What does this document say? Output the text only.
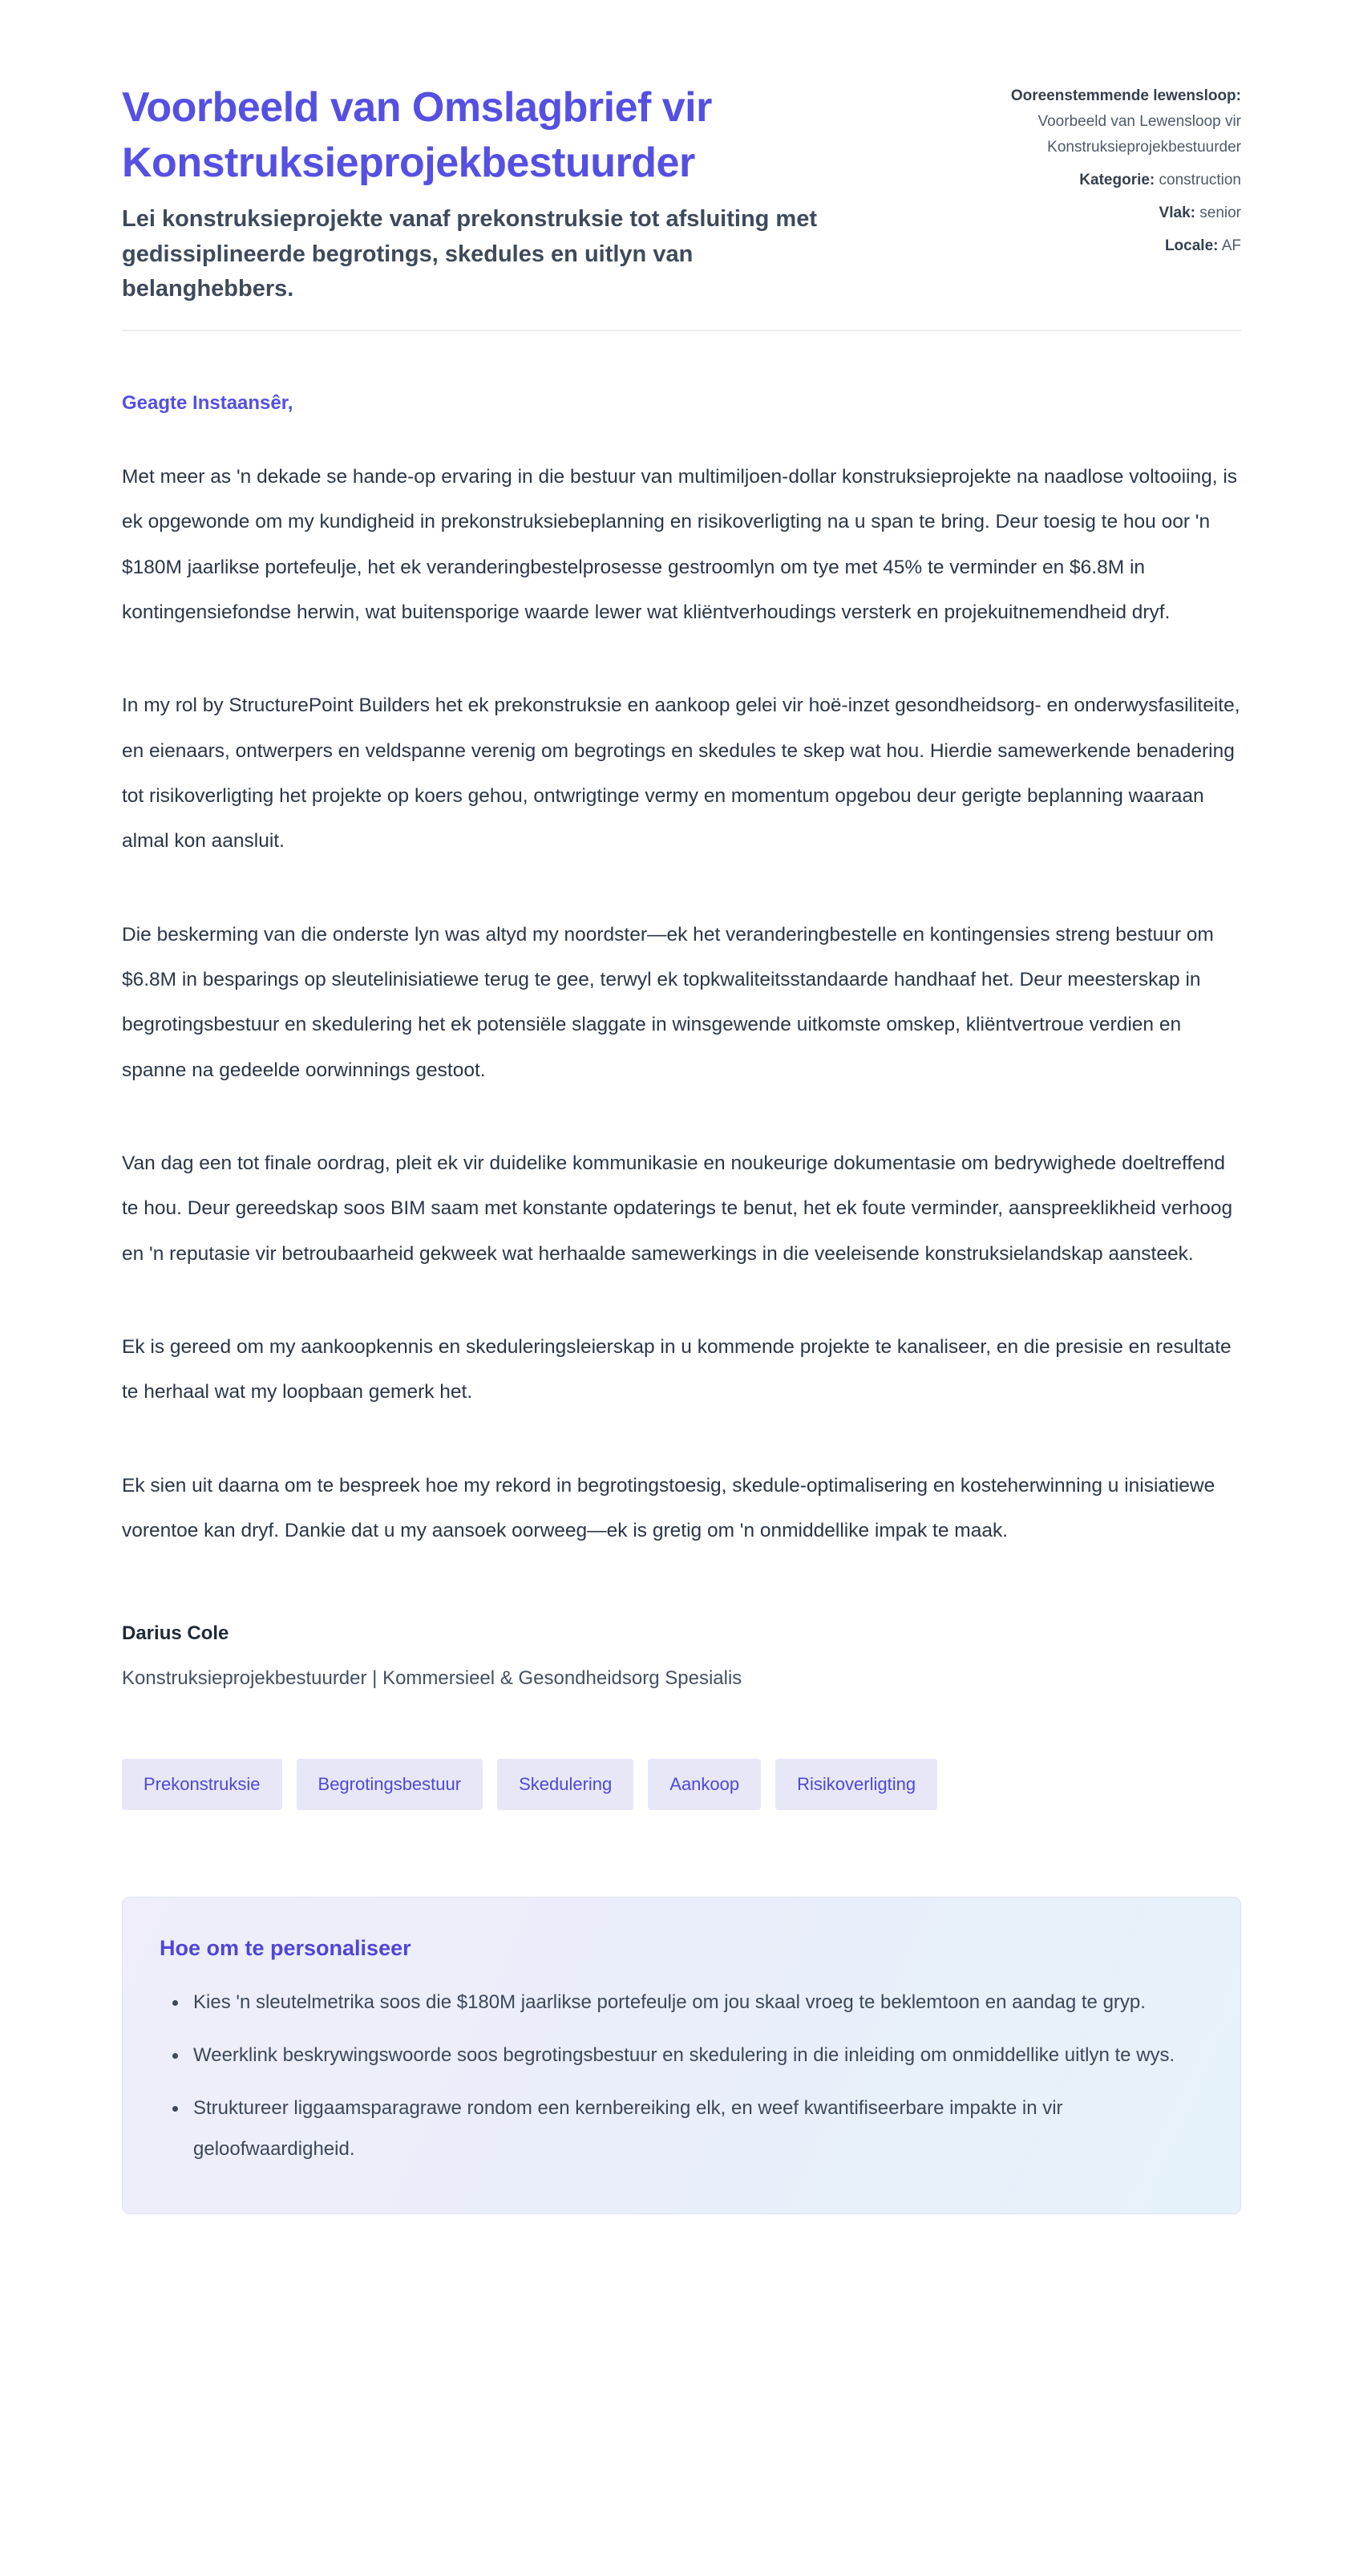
Voorbeeld van Omslagbrief vir Konstruksieprojekbestuurder

Lei konstruksieprojekte vanaf prekonstruksie tot afsluiting met gedissiplineerde begrotings, skedules en uitlyn van belanghebbers.

Ooreenstemmende lewensloop:
Voorbeeld van Lewensloop vir Konstruksieprojekbestuurder
Kategorie: construction
Vlak: senior
Locale: AF

Geagte Instaansêr,

Met meer as 'n dekade se hande-op ervaring in die bestuur van multimiljoen-dollar konstruksieprojekte na naadlose voltooiing, is ek opgewonde om my kundigheid in prekonstruksiebeplanning en risikoverligting na u span te bring. Deur toesig te hou oor 'n $180M jaarlikse portefeulje, het ek veranderingbestelprosesse gestroomlyn om tye met 45% te verminder en $6.8M in kontingensiefondse herwin, wat buitensporige waarde lewer wat kliëntverhoudings versterk en projekuitnemendheid dryf.

In my rol by StructurePoint Builders het ek prekonstruksie en aankoop gelei vir hoë-inzet gesondheidsorg- en onderwysfasiliteite, en eienaars, ontwerpers en veldspanne verenig om begrotings en skedules te skep wat hou. Hierdie samewerkende benadering tot risikoverligting het projekte op koers gehou, ontwrigtinge vermy en momentum opgebou deur gerigte beplanning waaraan almal kon aansluit.

Die beskerming van die onderste lyn was altyd my noordster—ek het veranderingbestelle en kontingensies streng bestuur om $6.8M in besparings op sleutelinisiatiewe terug te gee, terwyl ek topkwaliteitsstandaarde handhaaf het. Deur meesterskap in begrotingsbestuur en skedulering het ek potensiële slaggate in winsgewende uitkomste omskep, kliëntvertroue verdien en spanne na gedeelde oorwinnings gestoot.

Van dag een tot finale oordrag, pleit ek vir duidelike kommunikasie en noukeurige dokumentasie om bedrywighede doeltreffend te hou. Deur gereedskap soos BIM saam met konstante opdaterings te benut, het ek foute verminder, aanspreeklikheid verhoog en 'n reputasie vir betroubaarheid gekweek wat herhaalde samewerkings in die veeleisende konstruksielandskap aansteek.

Ek is gereed om my aankoopkennis en skeduleringsleierskap in u kommende projekte te kanaliseer, en die presisie en resultate te herhaal wat my loopbaan gemerk het.

Ek sien uit daarna om te bespreek hoe my rekord in begrotingstoesig, skedule-optimalisering en kosteherwinning u inisiatiewe vorentoe kan dryf. Dankie dat u my aansoek oorweeg—ek is gretig om 'n onmiddellike impak te maak.

Darius Cole

Konstruksieprojekbestuurder | Kommersieel & Gesondheidsorg Spesialis

Prekonstruksie	Begrotingsbestuur	Skedulering	Aankoop	Risikoverligting
Hoe om te personaliseer
• Kies 'n sleutelmetrika soos die $180M jaarlikse portefeulje om jou skaal vroeg te beklemtoon en aandag te gryp.
• Weerklink beskrywingswoorde soos begrotingsbestuur en skedulering in die inleiding om onmiddellike uitlyn te wys.
• Struktureer liggaamsparagrawe rondom een kernbereiking elk, en weef kwantifiseerbare impakte in vir geloofwaardigheid.
